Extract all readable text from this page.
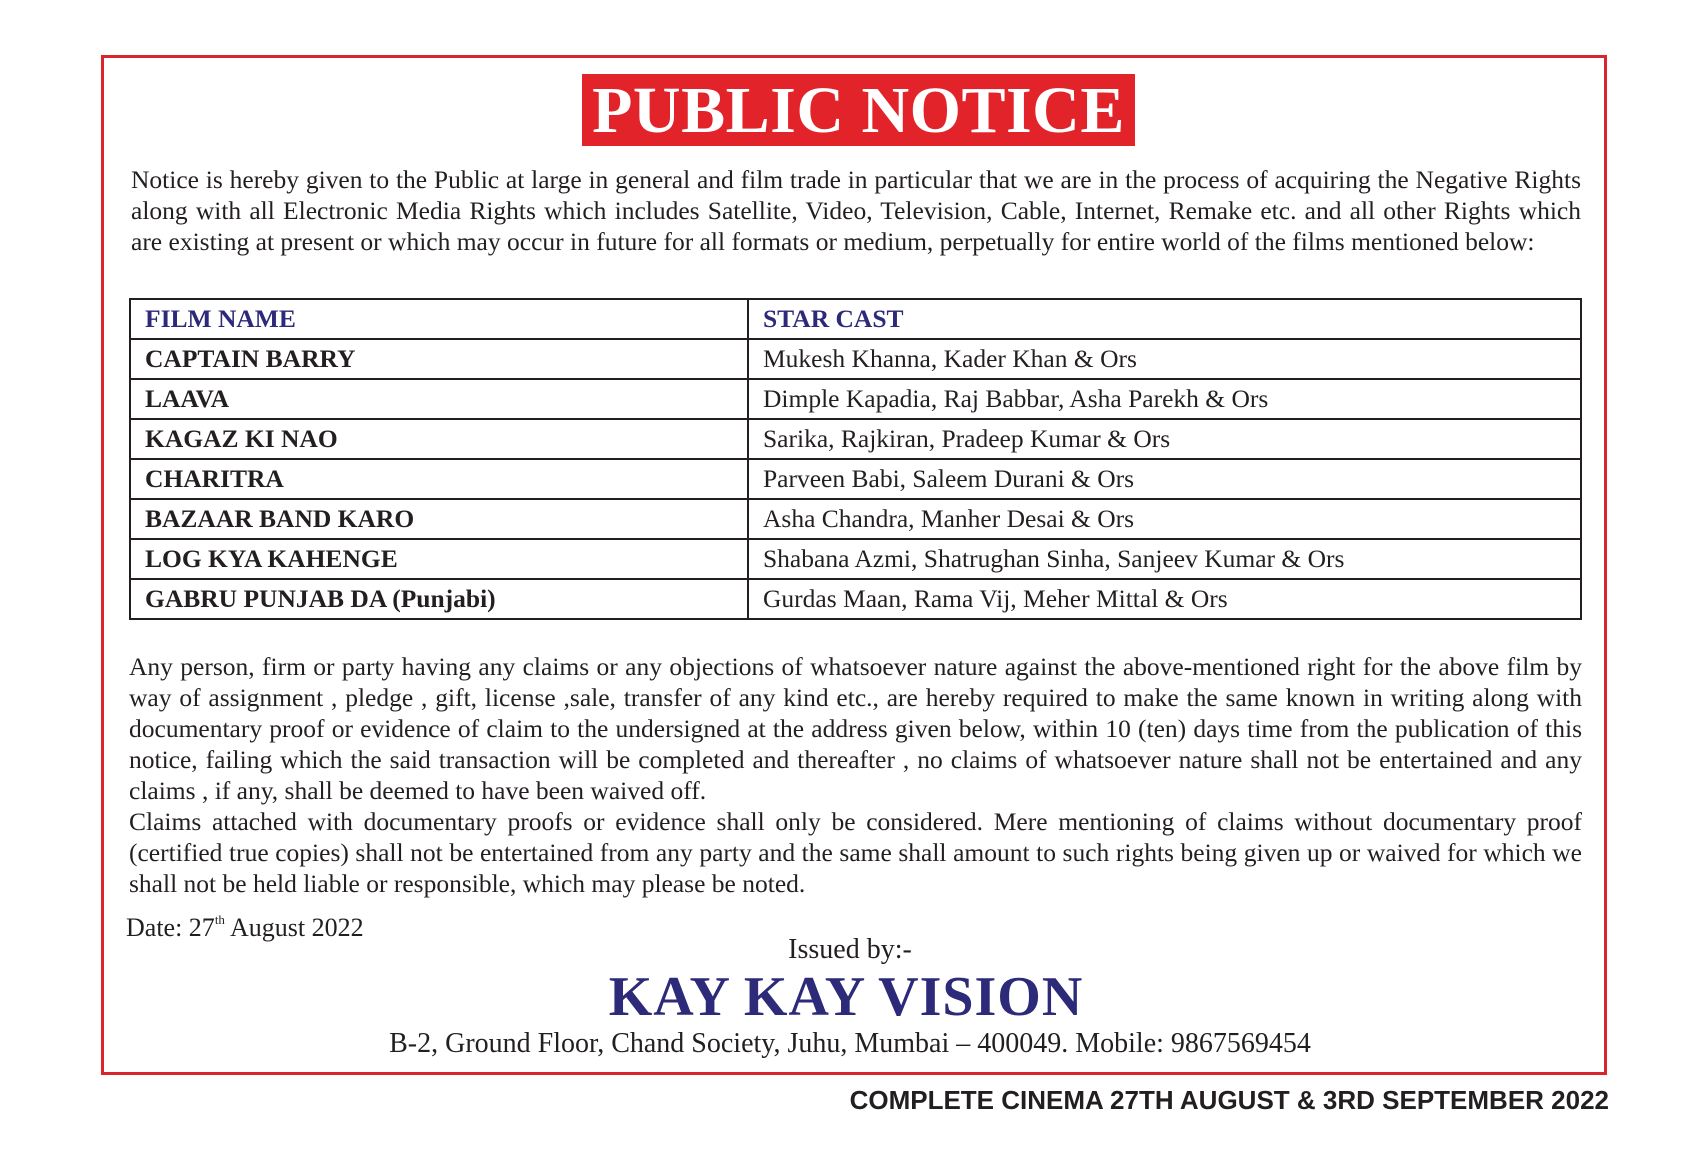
PUBLIC NOTICE

Notice is hereby given to the Public at large in general and film trade in particular that we are in the process of acquiring the Negative Rights along with all Electronic Media Rights which includes Satellite, Video, Television, Cable, Internet, Remake etc. and all other Rights which are existing at present or which may occur in future for all formats or medium, perpetually for entire world of the films mentioned below:

FILM NAME	STAR CAST
CAPTAIN BARRY	Mukesh Khanna, Kader Khan & Ors
LAAVA	Dimple Kapadia, Raj Babbar, Asha Parekh & Ors
KAGAZ KI NAO	Sarika, Rajkiran, Pradeep Kumar & Ors
CHARITRA	Parveen Babi, Saleem Durani & Ors
BAZAAR BAND KARO	Asha Chandra, Manher Desai & Ors
LOG KYA KAHENGE	Shabana Azmi, Shatrughan Sinha, Sanjeev Kumar & Ors
GABRU PUNJAB DA (Punjabi)	Gurdas Maan, Rama Vij, Meher Mittal & Ors

Any person, firm or party having any claims or any objections of whatsoever nature against the above-mentioned right for the above film by way of assignment , pledge , gift, license ,sale, transfer of any kind etc., are hereby required to make the same known in writing along with documentary proof or evidence of claim to the undersigned at the address given below, within 10 (ten) days time from the publication of this notice, failing which the said transaction will be completed and thereafter , no claims of whatsoever nature shall not be entertained and any claims , if any, shall be deemed to have been waived off.

Claims attached with documentary proofs or evidence shall only be considered. Mere mentioning of claims without documentary proof (certified true copies) shall not be entertained from any party and the same shall amount to such rights being given up or waived for which we shall not be held liable or responsible, which may please be noted.

Date: 27th August 2022
Issued by:-
KAY KAY VISION
B-2, Ground Floor, Chand Society, Juhu, Mumbai – 400049. Mobile: 9867569454
COMPLETE CINEMA 27TH AUGUST & 3RD SEPTEMBER 2022
